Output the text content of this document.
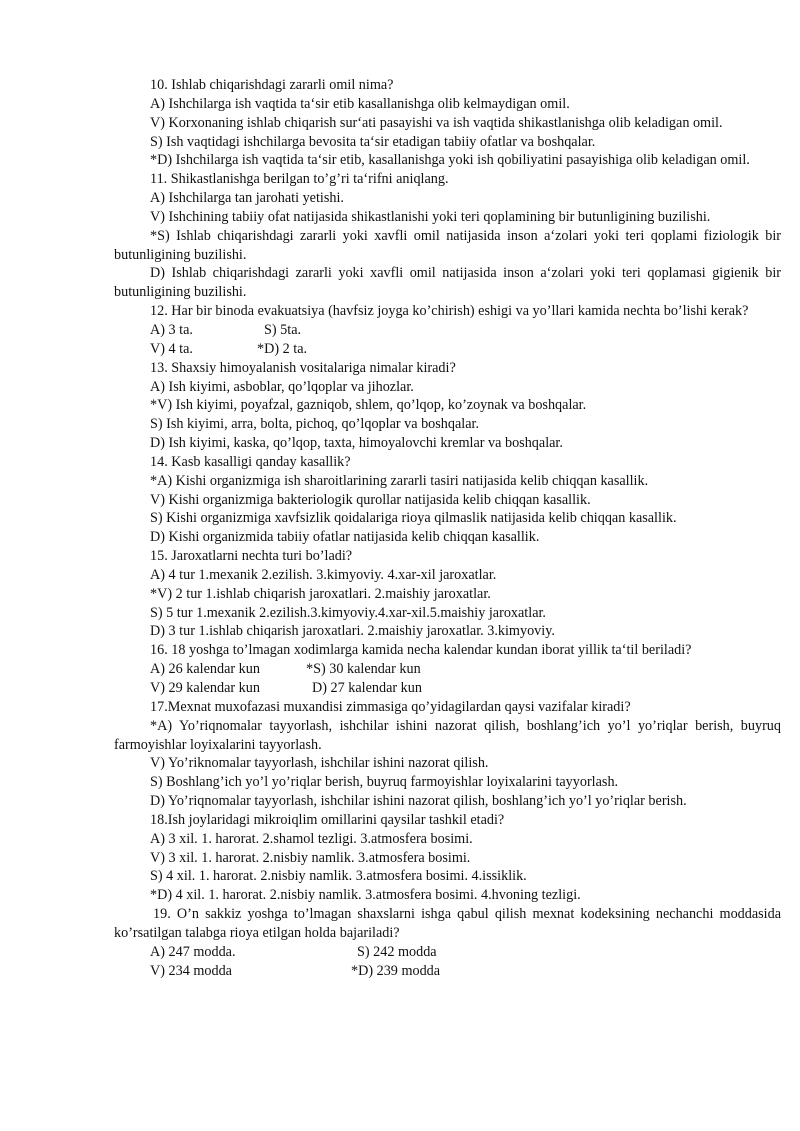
10. Ishlab chiqarishdagi zararli omil nima?

A) Ishchilarga ish vaqtida ta‘sir etib kasallanishga olib kelmaydigan omil.

V) Korxonaning ishlab chiqarish sur‘ati pasayishi va ish vaqtida shikastlanishga olib keladigan omil.

S) Ish vaqtidagi ishchilarga bevosita ta‘sir etadigan tabiiy ofatlar va boshqalar.

*D) Ishchilarga ish vaqtida ta‘sir etib, kasallanishga yoki ish qobiliyatini pasayishiga olib keladigan omil.

11. Shikastlanishga berilgan to’g’ri ta‘rifni aniqlang.

A) Ishchilarga tan jarohati yetishi.

V) Ishchining tabiiy ofat natijasida shikastlanishi yoki teri qoplamining bir butunligining buzilishi.

*S) Ishlab chiqarishdagi zararli yoki xavfli omil natijasida inson a‘zolari yoki teri qoplami fiziologik bir butunligining buzilishi.

D) Ishlab chiqarishdagi zararli yoki xavfli omil natijasida inson a‘zolari yoki teri qoplamasi gigienik bir butunligining buzilishi.

12. Har bir binoda evakuatsiya (havfsiz joyga ko’chirish) eshigi va yo’llari kamida nechta bo’lishi kerak?

A) 3 ta.	S) 5ta.
V) 4 ta.	*D) 2 ta.

13. Shaxsiy himoyalanish vositalariga nimalar kiradi?

A) Ish kiyimi, asboblar, qo’lqoplar va jihozlar.

*V) Ish kiyimi, poyafzal, gazniqob, shlem, qo’lqop, ko’zoynak va boshqalar.

S) Ish kiyimi, arra, bolta, pichoq, qo’lqoplar va boshqalar.

D) Ish kiyimi, kaska, qo’lqop, taxta, himoyalovchi kremlar va boshqalar.

14. Kasb kasalligi qanday kasallik?

*A) Kishi organizmiga ish sharoitlarining zararli tasiri natijasida kelib chiqqan kasallik.

V) Kishi organizmiga bakteriologik qurollar natijasida kelib chiqqan kasallik.

S) Kishi organizmiga xavfsizlik qoidalariga rioya qilmaslik natijasida kelib chiqqan kasallik.

D) Kishi organizmida tabiiy ofatlar natijasida kelib chiqqan kasallik.

15. Jaroxatlarni nechta turi bo’ladi?

A) 4 tur 1.mexanik 2.ezilish. 3.kimyoviy. 4.xar-xil jaroxatlar.

*V) 2 tur 1.ishlab chiqarish jaroxatlari. 2.maishiy jaroxatlar.

S) 5 tur 1.mexanik 2.ezilish.3.kimyoviy.4.xar-xil.5.maishiy jaroxatlar.

D) 3 tur 1.ishlab chiqarish jaroxatlari. 2.maishiy jaroxatlar. 3.kimyoviy.

16. 18 yoshga to’lmagan xodimlarga kamida necha kalendar kundan iborat yillik ta‘til beriladi?

A) 26 kalendar kun	*S) 30 kalendar kun
V) 29 kalendar kun	D) 27 kalendar kun

17.Mexnat muxofazasi muxandisi zimmasiga qo’yidagilardan qaysi vazifalar kiradi?

*A) Yo’riqnomalar tayyorlash, ishchilar ishini nazorat qilish, boshlang’ich yo’l yo’riqlar berish, buyruq farmoyishlar loyixalarini tayyorlash.

V) Yo’riknomalar tayyorlash, ishchilar ishini nazorat qilish.

S) Boshlang’ich yo’l yo’riqlar berish, buyruq farmoyishlar loyixalarini tayyorlash.

D) Yo’riqnomalar tayyorlash, ishchilar ishini nazorat qilish, boshlang’ich yo’l yo’riqlar berish.

18.Ish joylaridagi mikroiqlim omillarini qaysilar tashkil etadi?

A) 3 xil. 1. harorat. 2.shamol tezligi. 3.atmosfera bosimi.

V) 3 xil. 1. harorat. 2.nisbiy namlik. 3.atmosfera bosimi.

S) 4 xil. 1. harorat. 2.nisbiy namlik. 3.atmosfera bosimi. 4.issiklik.

*D) 4 xil. 1. harorat. 2.nisbiy namlik. 3.atmosfera bosimi. 4.hvoning tezligi.

19. O’n sakkiz yoshga to’lmagan shaxslarni ishga qabul qilish mexnat kodeksining nechanchi moddasida ko’rsatilgan talabga rioya etilgan holda bajariladi?

A) 247 modda.	S) 242 modda
V) 234 modda	*D) 239 modda
